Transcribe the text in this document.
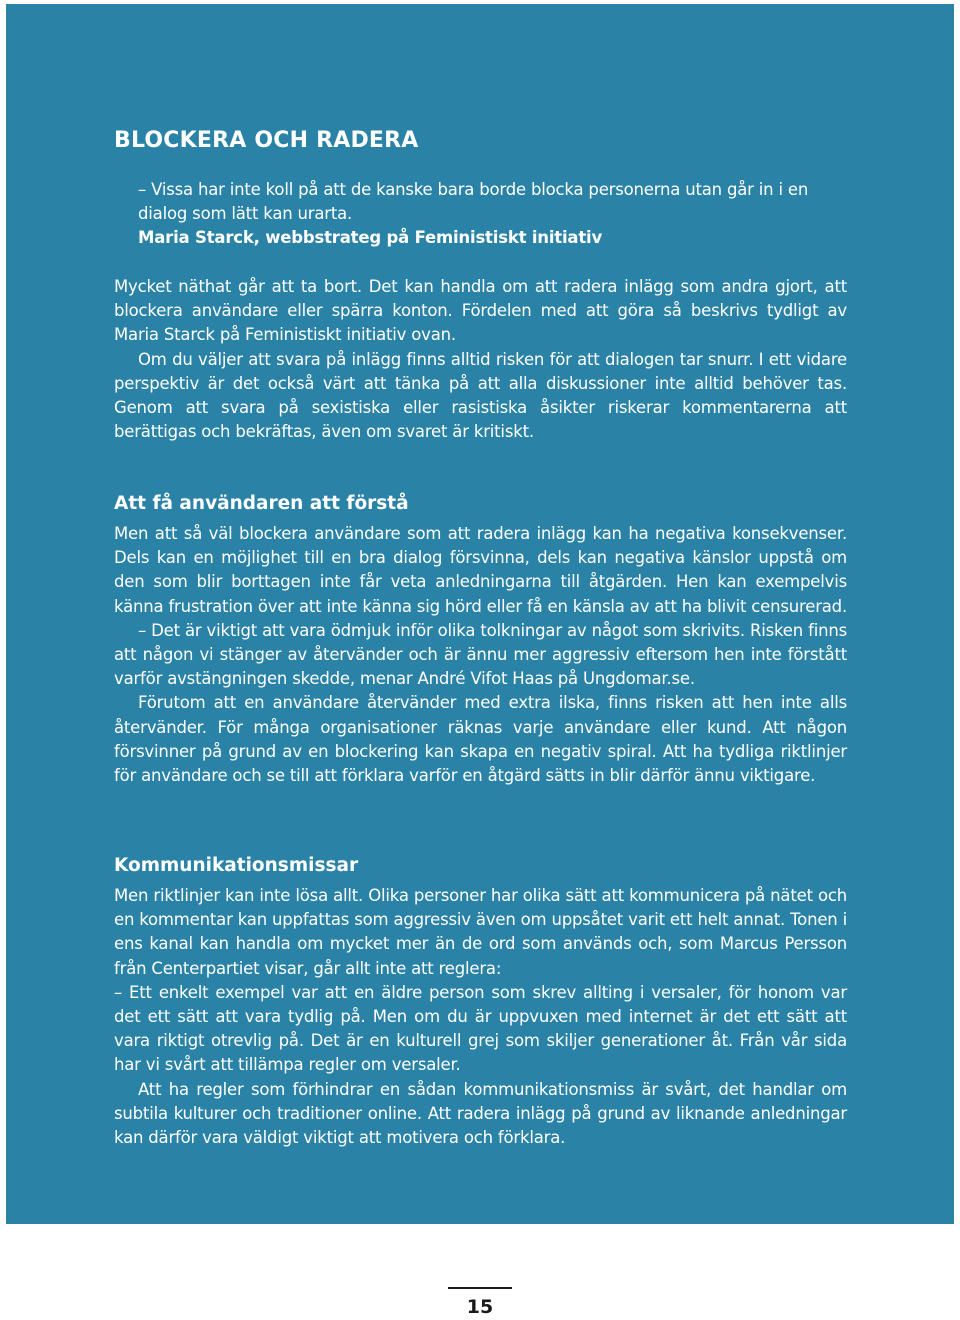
BLOCKERA OCH RADERA
– Vissa har inte koll på att de kanske bara borde blocka personerna utan går in i en dialog som lätt kan urarta.
Maria Starck, webbstrateg på Feministiskt initiativ

Mycket näthat går att ta bort. Det kan handla om att radera inlägg som andra gjort, att blockera användare eller spärra konton. Fördelen med att göra så beskrivs tydligt av Maria Starck på Feministiskt initiativ ovan.

Om du väljer att svara på inlägg finns alltid risken för att dialogen tar snurr. I ett vidare perspektiv är det också värt att tänka på att alla diskussioner inte alltid behöver tas. Genom att svara på sexistiska eller rasistiska åsikter riskerar kommentarerna att berättigas och bekräftas, även om svaret är kritiskt.

Att få användaren att förstå

Men att så väl blockera användare som att radera inlägg kan ha negativa konsekvenser. Dels kan en möjlighet till en bra dialog försvinna, dels kan negativa känslor uppstå om den som blir borttagen inte får veta anledningarna till åtgärden. Hen kan exempelvis känna frustration över att inte känna sig hörd eller få en känsla av att ha blivit censurerad.

– Det är viktigt att vara ödmjuk inför olika tolkningar av något som skrivits. Risken finns att någon vi stänger av återvänder och är ännu mer aggressiv eftersom hen inte förstått varför avstängningen skedde, menar André Vifot Haas på Ungdomar.se.

Förutom att en användare återvänder med extra ilska, finns risken att hen inte alls återvänder. För många organisationer räknas varje användare eller kund. Att någon försvinner på grund av en blockering kan skapa en negativ spiral. Att ha tydliga riktlinjer för användare och se till att förklara varför en åtgärd sätts in blir därför ännu viktigare.

Kommunikationsmissar

Men riktlinjer kan inte lösa allt. Olika personer har olika sätt att kommunicera på nätet och en kommentar kan uppfattas som aggressiv även om uppsåtet varit ett helt annat. Tonen i ens kanal kan handla om mycket mer än de ord som används och, som Marcus Persson från Centerpartiet visar, går allt inte att reglera:

– Ett enkelt exempel var att en äldre person som skrev allting i versaler, för honom var det ett sätt att vara tydlig på. Men om du är uppvuxen med internet är det ett sätt att vara riktigt otrevlig på. Det är en kulturell grej som skiljer generationer åt. Från vår sida har vi svårt att tillämpa regler om versaler.

Att ha regler som förhindrar en sådan kommunikationsmiss är svårt, det handlar om subtila kulturer och traditioner online. Att radera inlägg på grund av liknande anledningar kan därför vara väldigt viktigt att motivera och förklara.

15
